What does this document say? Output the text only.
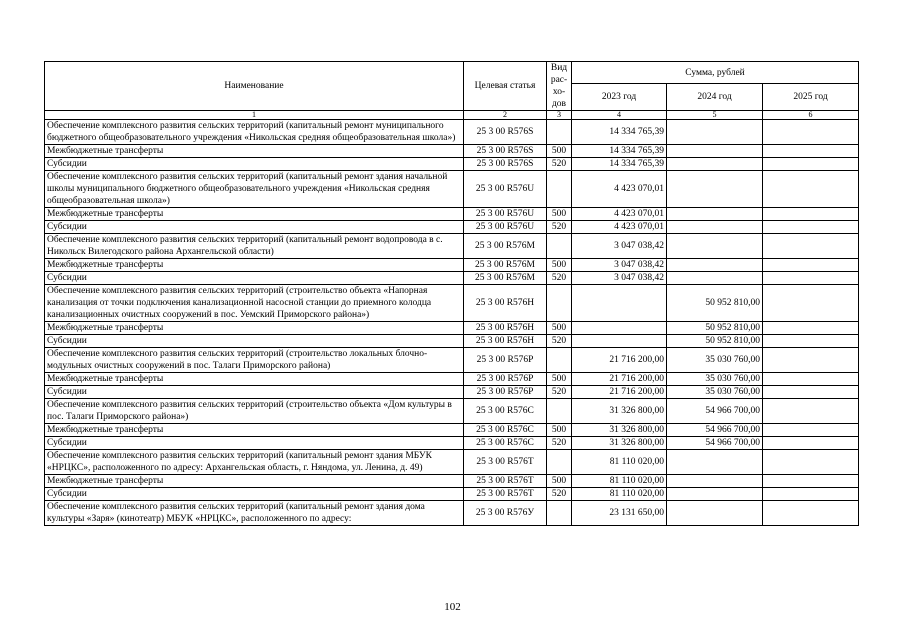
Наименование	Целевая статья	Вид рас-хо-дов	Сумма, рублей		
			2023 год	2024 год	2025 год
1	2	3	4	5	6
Обеспечение комплексного развития сельских территорий (капитальный ремонт муниципального бюджетного общеобразовательного учреждения «Никольская средняя общеобразовательная школа»)	25 3 00 R576S		14 334 765,39		
Межбюджетные трансферты	25 3 00 R576S	500	14 334 765,39		
Субсидии	25 3 00 R576S	520	14 334 765,39		
Обеспечение комплексного развития сельских территорий (капитальный ремонт здания начальной школы муниципального бюджетного общеобразовательного учреждения «Никольская средняя общеобразовательная школа»)	25 3 00 R576U		4 423 070,01		
Межбюджетные трансферты	25 3 00 R576U	500	4 423 070,01		
Субсидии	25 3 00 R576U	520	4 423 070,01		
Обеспечение комплексного развития сельских территорий (капитальный ремонт водопровода в с. Никольск Вилегодского района Архангельской области)	25 3 00 R576M		3 047 038,42		
Межбюджетные трансферты	25 3 00 R576M	500	3 047 038,42		
Субсидии	25 3 00 R576M	520	3 047 038,42		
Обеспечение комплексного развития сельских территорий (строительство объекта «Напорная канализация от точки подключения канализационной насосной станции до приемного колодца канализационных очистных сооружений в пос. Уемский Приморского района»)	25 3 00 R576H			50 952 810,00	
Межбюджетные трансферты	25 3 00 R576H	500		50 952 810,00	
Субсидии	25 3 00 R576H	520		50 952 810,00	
Обеспечение комплексного развития сельских территорий (строительство локальных блочно-модульных очистных сооружений в пос. Талаги Приморского района)	25 3 00 R576P		21 716 200,00	35 030 760,00	
Межбюджетные трансферты	25 3 00 R576P	500	21 716 200,00	35 030 760,00	
Субсидии	25 3 00 R576P	520	21 716 200,00	35 030 760,00	
Обеспечение комплексного развития сельских территорий (строительство объекта «Дом культуры в пос. Талаги Приморского района»)	25 3 00 R576C		31 326 800,00	54 966 700,00	
Межбюджетные трансферты	25 3 00 R576C	500	31 326 800,00	54 966 700,00	
Субсидии	25 3 00 R576C	520	31 326 800,00	54 966 700,00	
Обеспечение комплексного развития сельских территорий (капитальный ремонт здания МБУК «НРЦКС», расположенного по адресу: Архангельская область, г. Няндома, ул. Ленина, д. 49)	25 3 00 R576T		81 110 020,00		
Межбюджетные трансферты	25 3 00 R576T	500	81 110 020,00		
Субсидии	25 3 00 R576T	520	81 110 020,00		
Обеспечение комплексного развития сельских территорий (капитальный ремонт здания дома культуры «Заря» (кинотеатр) МБУК «НРЦКС», расположенного по адресу:	25 3 00 R576У		23 131 650,00		
102
